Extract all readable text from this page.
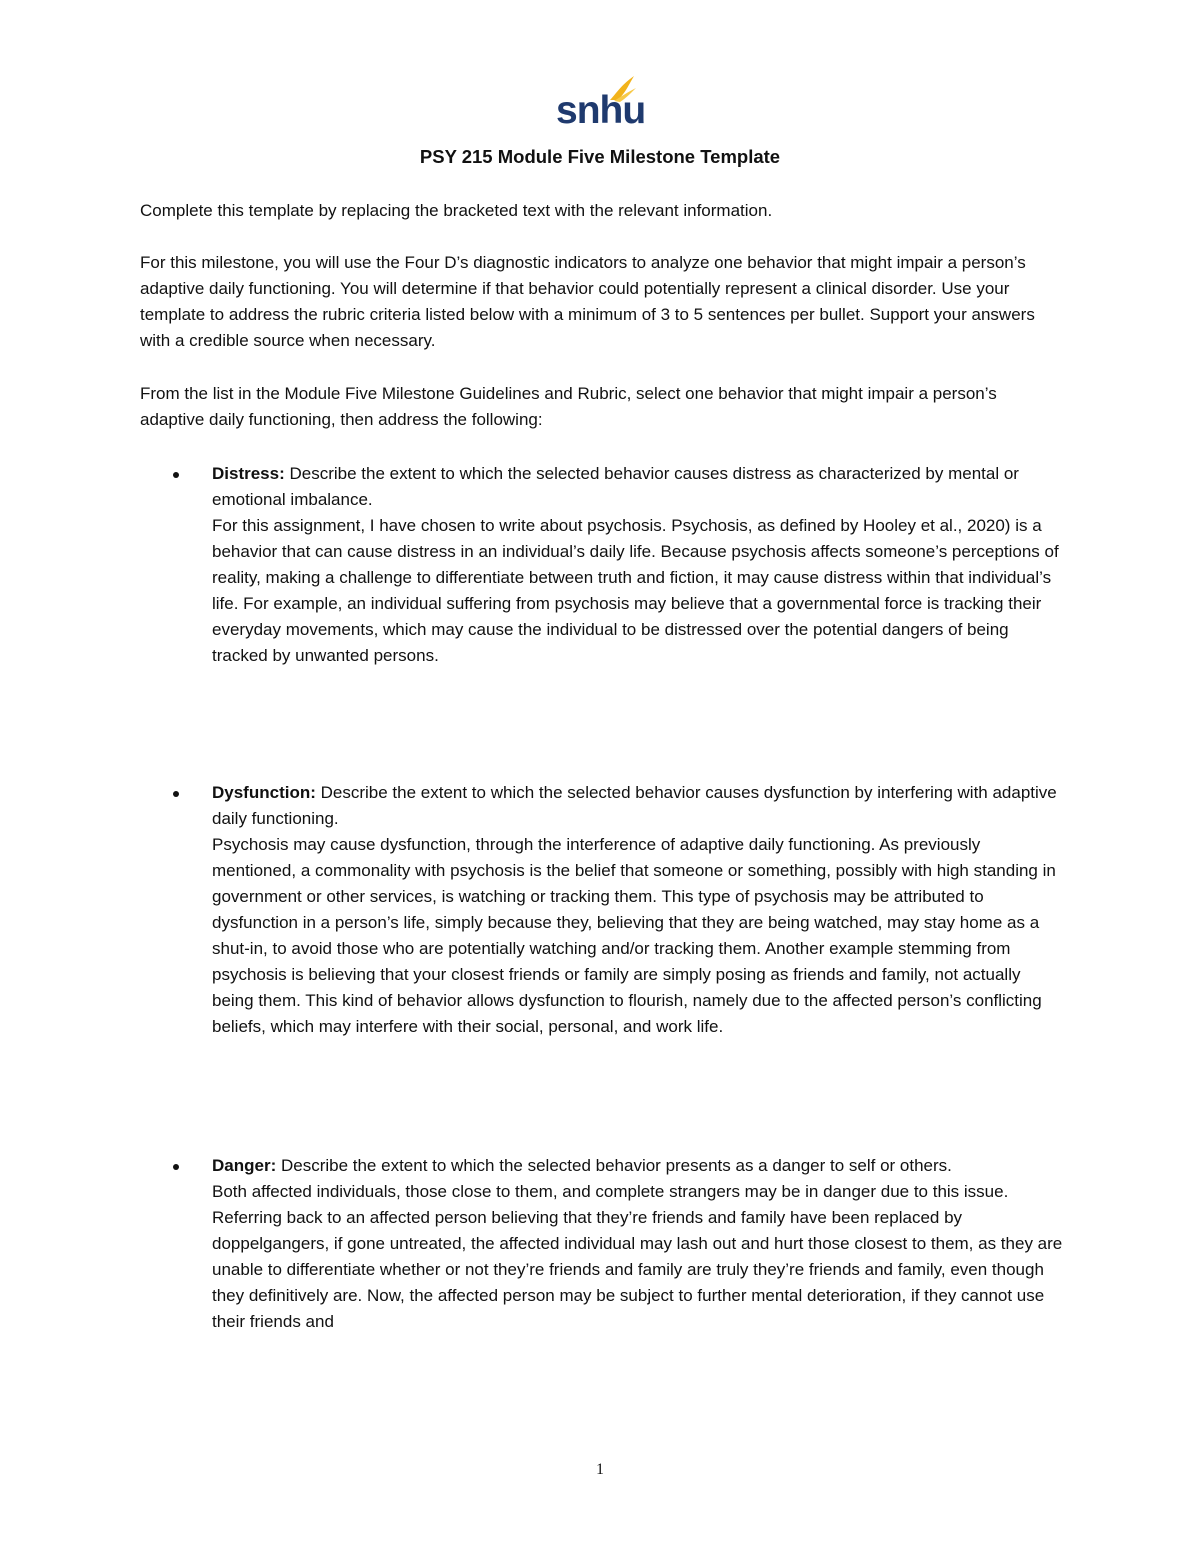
snhu
PSY 215 Module Five Milestone Template

Complete this template by replacing the bracketed text with the relevant information.

For this milestone, you will use the Four D’s diagnostic indicators to analyze one behavior that might impair a person’s adaptive daily functioning. You will determine if that behavior could potentially represent a clinical disorder. Use your template to address the rubric criteria listed below with a minimum of 3 to 5 sentences per bullet. Support your answers with a credible source when necessary.

From the list in the Module Five Milestone Guidelines and Rubric, select one behavior that might impair a person’s adaptive daily functioning, then address the following:

Distress: Describe the extent to which the selected behavior causes distress as characterized by mental or emotional imbalance.
For this assignment, I have chosen to write about psychosis. Psychosis, as defined by Hooley et al., 2020) is a behavior that can cause distress in an individual’s daily life. Because psychosis affects someone’s perceptions of reality, making a challenge to differentiate between truth and fiction, it may cause distress within that individual’s life. For example, an individual suffering from psychosis may believe that a governmental force is tracking their everyday movements, which may cause the individual to be distressed over the potential dangers of being tracked by unwanted persons.
Dysfunction: Describe the extent to which the selected behavior causes dysfunction by interfering with adaptive daily functioning.
Psychosis may cause dysfunction, through the interference of adaptive daily functioning. As previously mentioned, a commonality with psychosis is the belief that someone or something, possibly with high standing in government or other services, is watching or tracking them. This type of psychosis may be attributed to dysfunction in a person’s life, simply because they, believing that they are being watched, may stay home as a shut-in, to avoid those who are potentially watching and/or tracking them. Another example stemming from psychosis is believing that your closest friends or family are simply posing as friends and family, not actually being them. This kind of behavior allows dysfunction to flourish, namely due to the affected person’s conflicting beliefs, which may interfere with their social, personal, and work life.
Danger: Describe the extent to which the selected behavior presents as a danger to self or others.
Both affected individuals, those close to them, and complete strangers may be in danger due to this issue. Referring back to an affected person believing that they’re friends and family have been replaced by doppelgangers, if gone untreated, the affected individual may lash out and hurt those closest to them, as they are unable to differentiate whether or not they’re friends and family are truly they’re friends and family, even though they definitively are. Now, the affected person may be subject to further mental deterioration, if they cannot use their friends and
1
